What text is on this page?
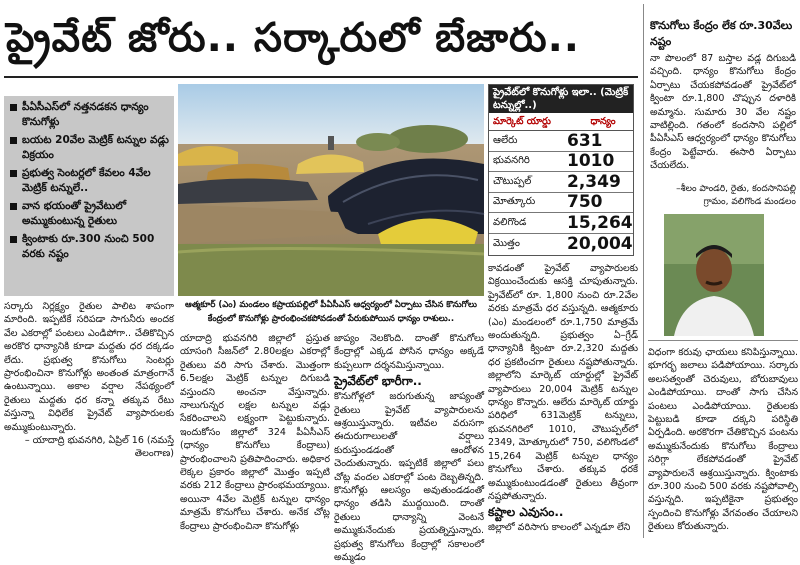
ప్రైవేట్ జోరు.. సర్కారులో బేజారు..
పీఏసీఎస్‌లో నత్తనడకన ధాన్యం కొనుగోళ్లు
బయట 20వేల మెట్రిక్ టన్నుల వడ్లు విక్రయం
ప్రభుత్వ సెంటర్లలో కేవలం 4వేల మెట్రిక్ టన్నులే..
వాన భయంతో ప్రైవేటులో అమ్ముకుంటున్న రైతులు
క్వింటాకు రూ.300 నుంచి 500 వరకు నష్టం
ఆత్మకూర్ (ఎం) మండలం కప్రాయపల్లిలో పీఏసీఎస్ ఆధ్వర్యంలో ఏర్పాటు చేసిన కొనుగోలు కేంద్రంలో కొనుగోళ్లు ప్రారంభించకపోవడంతో పేరుకుపోయిన ధాన్యం రాశులు..
ప్రైవేట్‌లో కొనుగోళ్లు ఇలా.. (మెట్రిక్ టన్నుల్లో..)
మార్కెట్ యార్డు	ధాన్యం
ఆలేరు	631
భువనగిరి	1010
చౌటుప్పల్	2,349
మోత్కూరు	750
వలిగొండ	15,264
మొత్తం	20,004

సర్కారు నిర్లక్ష్యం రైతుల పాలిట శాపంగా మారింది. ఇప్పటికే సరిపడా సాగునీరు అందక వేల ఎకరాల్లో పంటలు ఎండిపోగా.. చేతికొచ్చిన అరకొర ధాన్యానికి కూడా మద్దతు ధర దక్కడం లేదు. ప్రభుత్వ కొనుగోలు సెంటర్లు ప్రారంభించినా కొనుగోళ్లు అంతంత మాత్రంగానే ఉంటున్నాయి. అకాల వర్షాల నేపథ్యంలో రైతులు మద్దతు ధర కన్నా తక్కువ రేటు వస్తున్నా విధిలేక ప్రైవేట్ వ్యాపారులకు అమ్ముకుంటున్నారు.

– యాదాద్రి భువనగిరి, ఏప్రిల్ 16 (నమస్తే తెలంగాణ)

యాదాద్రి భువనగిరి జిల్లాలో ప్రస్తుత యాసంగి సీజన్‌లో 2.80లక్షల ఎకరాల్లో రైతులు వరి సాగు చేశారు. మొత్తంగా 6.5లక్షల మెట్రిక్ టన్నుల దిగుబడి వస్తుందని అంచనా వేస్తున్నారు. నాలుగున్నర లక్షల టన్నుల వడ్లు సేకరించాలని లక్ష్యంగా పెట్టుకున్నారు. ఇందుకోసం జిల్లాలో 324 పీఏసీఎస్ (ధాన్యం కొనుగోలు కేంద్రాలు) ప్రారంభించాలని ప్రతిపాదించారు. అధికార లెక్కల ప్రకారం జిల్లాలో మొత్తం ఇప్పటి వరకు 212 కేంద్రాలు ప్రారంభమయ్యాయి. అయినా 4వేల మెట్రిక్ టన్నుల ధాన్యం మాత్రమే కొనుగోలు చేశారు. అనేక చోట్ల కేంద్రాలు ప్రారంభించినా కొనుగోళ్లు

జాప్యం నెలకొంది. దాంతో కొనుగోలు కేంద్రాల్లో ఎక్కడ పోసిన ధాన్యం అక్కడే కుప్పలుగా దర్శనమిస్తున్నాయి.

ప్రైవేట్‌లో భారీగా..

కొనుగోళ్లలో జరుగుతున్న జాప్యంతో రైతులు ప్రైవేట్ వ్యాపారులను ఆశ్రయిస్తున్నారు. ఇటీవల వరుసగా ఈదురుగాలులతో వర్షాలు కురుస్తుండడంతో ఆందోళన చెందుతున్నారు. ఇప్పటికే జిల్లాలో పలు చోట్ల వందల ఎకరాల్లో పంట దెబ్బతిన్నది. కొనుగోళ్లు ఆలస్యం అవుతుండడంతో ధాన్యం తడిసి ముద్దయింది. దాంతో రైతులు ధాన్యాన్ని వెంటనే అమ్ముకునేందుకు ప్రయత్నిస్తున్నారు. ప్రభుత్వ కొనుగోలు కేంద్రాల్లో సకాలంలో అమ్మడం

కావడంతో ప్రైవేట్ వ్యాపారులకు విక్రయించేందుకు ఆసక్తి చూపుతున్నారు. ప్రైవేట్‌లో రూ. 1,800 నుంచి రూ.2వేల వరకు మాత్రమే ధర వస్తున్నది. ఆత్మకూరు (ఎం) మండలంలో రూ.1,750 మాత్రమే అందుతున్నది. ప్రభుత్వం ఏ–గ్రేడ్ ధాన్యానికి క్వింటా రూ.2,320 మద్దతు ధర ప్రకటించగా రైతులు నష్టపోతున్నారు. జిల్లాలోని మార్కెట్ యార్డుల్లో ప్రైవేట్ వ్యాపారులు 20,004 మెట్రిక్ టన్నుల ధాన్యం కొన్నారు. ఆలేరు మార్కెట్ యార్డు పరిధిలో 631మెట్రిక్ టన్నులు, భువనగిరిలో 1010, చౌటుప్పల్‌లో 2349, మోత్కూరులో 750, వలిగొండలో 15,264 మెట్రిక్ టన్నుల ధాన్యం కొనుగోలు చేశారు. తక్కువ ధరకే అమ్ముకుంటుండడంతో రైతులు తీవ్రంగా నష్టపోతున్నారు.

కష్టాల ఎవుసం..

జిల్లాలో వరిసాగు కాలంలో ఎన్నడూ లేని

విధంగా కరువు ఛాయలు కనిపిస్తున్నాయి. భూగర్భ జలాలు పడిపోయాయి. సర్కారు అలసత్వంతో చెరువులు, బోరుబావులు ఎండిపోయాయి. దాంతో సాగు చేసిన పంటలు ఎండిపోయాయి. రైతులకు పెట్టుబడి కూడా దక్కని పరిస్థితి ఏర్పడింది. అరకొరగా చేతికొచ్చిన పంటను అమ్ముకునేందుకు కొనుగోలు కేంద్రాలు సరిగ్గా లేకపోవడంతో ప్రైవేట్ వ్యాపారులనే ఆశ్రయిస్తున్నారు. క్వింటాకు రూ.300 నుంచి 500 వరకు నష్టపోవాల్సి వస్తున్నది. ఇప్పటికైనా ప్రభుత్వం స్పందించి కొనుగోళ్లు వేగవంతం చేయాలని రైతులు కోరుతున్నారు.

కొనుగోలు కేంద్రం లేక రూ.30వేలు నష్టం
నా పొలంలో 87 బస్తాల వడ్ల దిగుబడి వచ్చింది. ధాన్యం కొనుగోలు కేంద్రం ఏర్పాటు చేయకపోవడంతో ప్రైవేట్‌లో క్వింటా రూ.1,800 చొప్పున దళారికి అమ్మాను. సుమారు 30 వేల నష్టం వాటిల్లింది. గతంలో కందసాని పల్లిలో పీఏసీఎస్ ఆధ్వర్యంలో ధాన్యం కొనుగోలు కేంద్రం పెట్టేవారు. ఈసారి ఏర్పాటు చేయలేదు.
–శీలం పాండరి, రైతు, కందసానిపల్లి గ్రామం, వలిగొండ మండలం
